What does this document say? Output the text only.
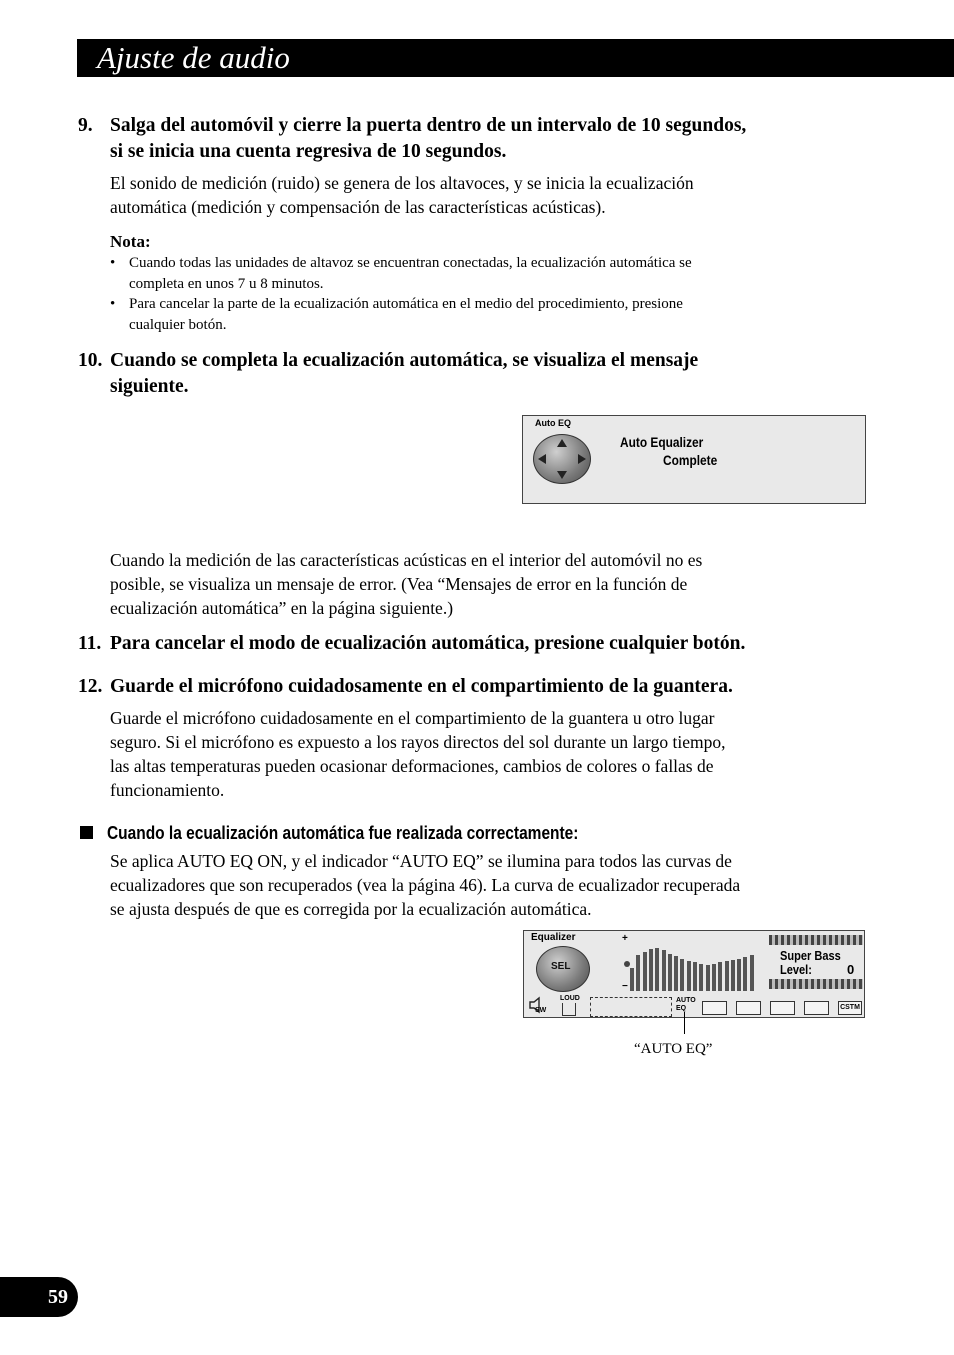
Ajuste de audio
9. Salga del automóvil y cierre la puerta dentro de un intervalo de 10 segundos,
si se inicia una cuenta regresiva de 10 segundos.
El sonido de medición (ruido) se genera de los altavoces, y se inicia la ecualización
automática (medición y compensación de las características acústicas).
Nota:
• Cuando todas las unidades de altavoz se encuentran conectadas, la ecualización automática se
completa en unos 7 u 8 minutos.
• Para cancelar la parte de la ecualización automática en el medio del procedimiento, presione
cualquier botón.
10. Cuando se completa la ecualización automática, se visualiza el mensaje
siguiente.
Auto EQ
Auto Equalizer
Complete
Cuando la medición de las características acústicas en el interior del automóvil no es
posible, se visualiza un mensaje de error. (Vea “Mensajes de error en la función de
ecualización automática” en la página siguiente.)
11. Para cancelar el modo de ecualización automática, presione cualquier botón.
12. Guarde el micrófono cuidadosamente en el compartimiento de la guantera.
Guarde el micrófono cuidadosamente en el compartimiento de la guantera u otro lugar
seguro. Si el micrófono es expuesto a los rayos directos del sol durante un largo tiempo,
las altas temperaturas pueden ocasionar deformaciones, cambios de colores o fallas de
funcionamiento.
Cuando la ecualización automática fue realizada correctamente:
Se aplica AUTO EQ ON, y el indicador “AUTO EQ” se ilumina para todos las curvas de
ecualizadores que son recuperados (vea la página 46). La curva de ecualizador recuperada
se ajusta después de que es corregida por la ecualización automática.
Equalizer
SEL
+
−
Super Bass
Level:	0
SW
LOUD	AUTO EQ	CSTM
“AUTO EQ”
59
